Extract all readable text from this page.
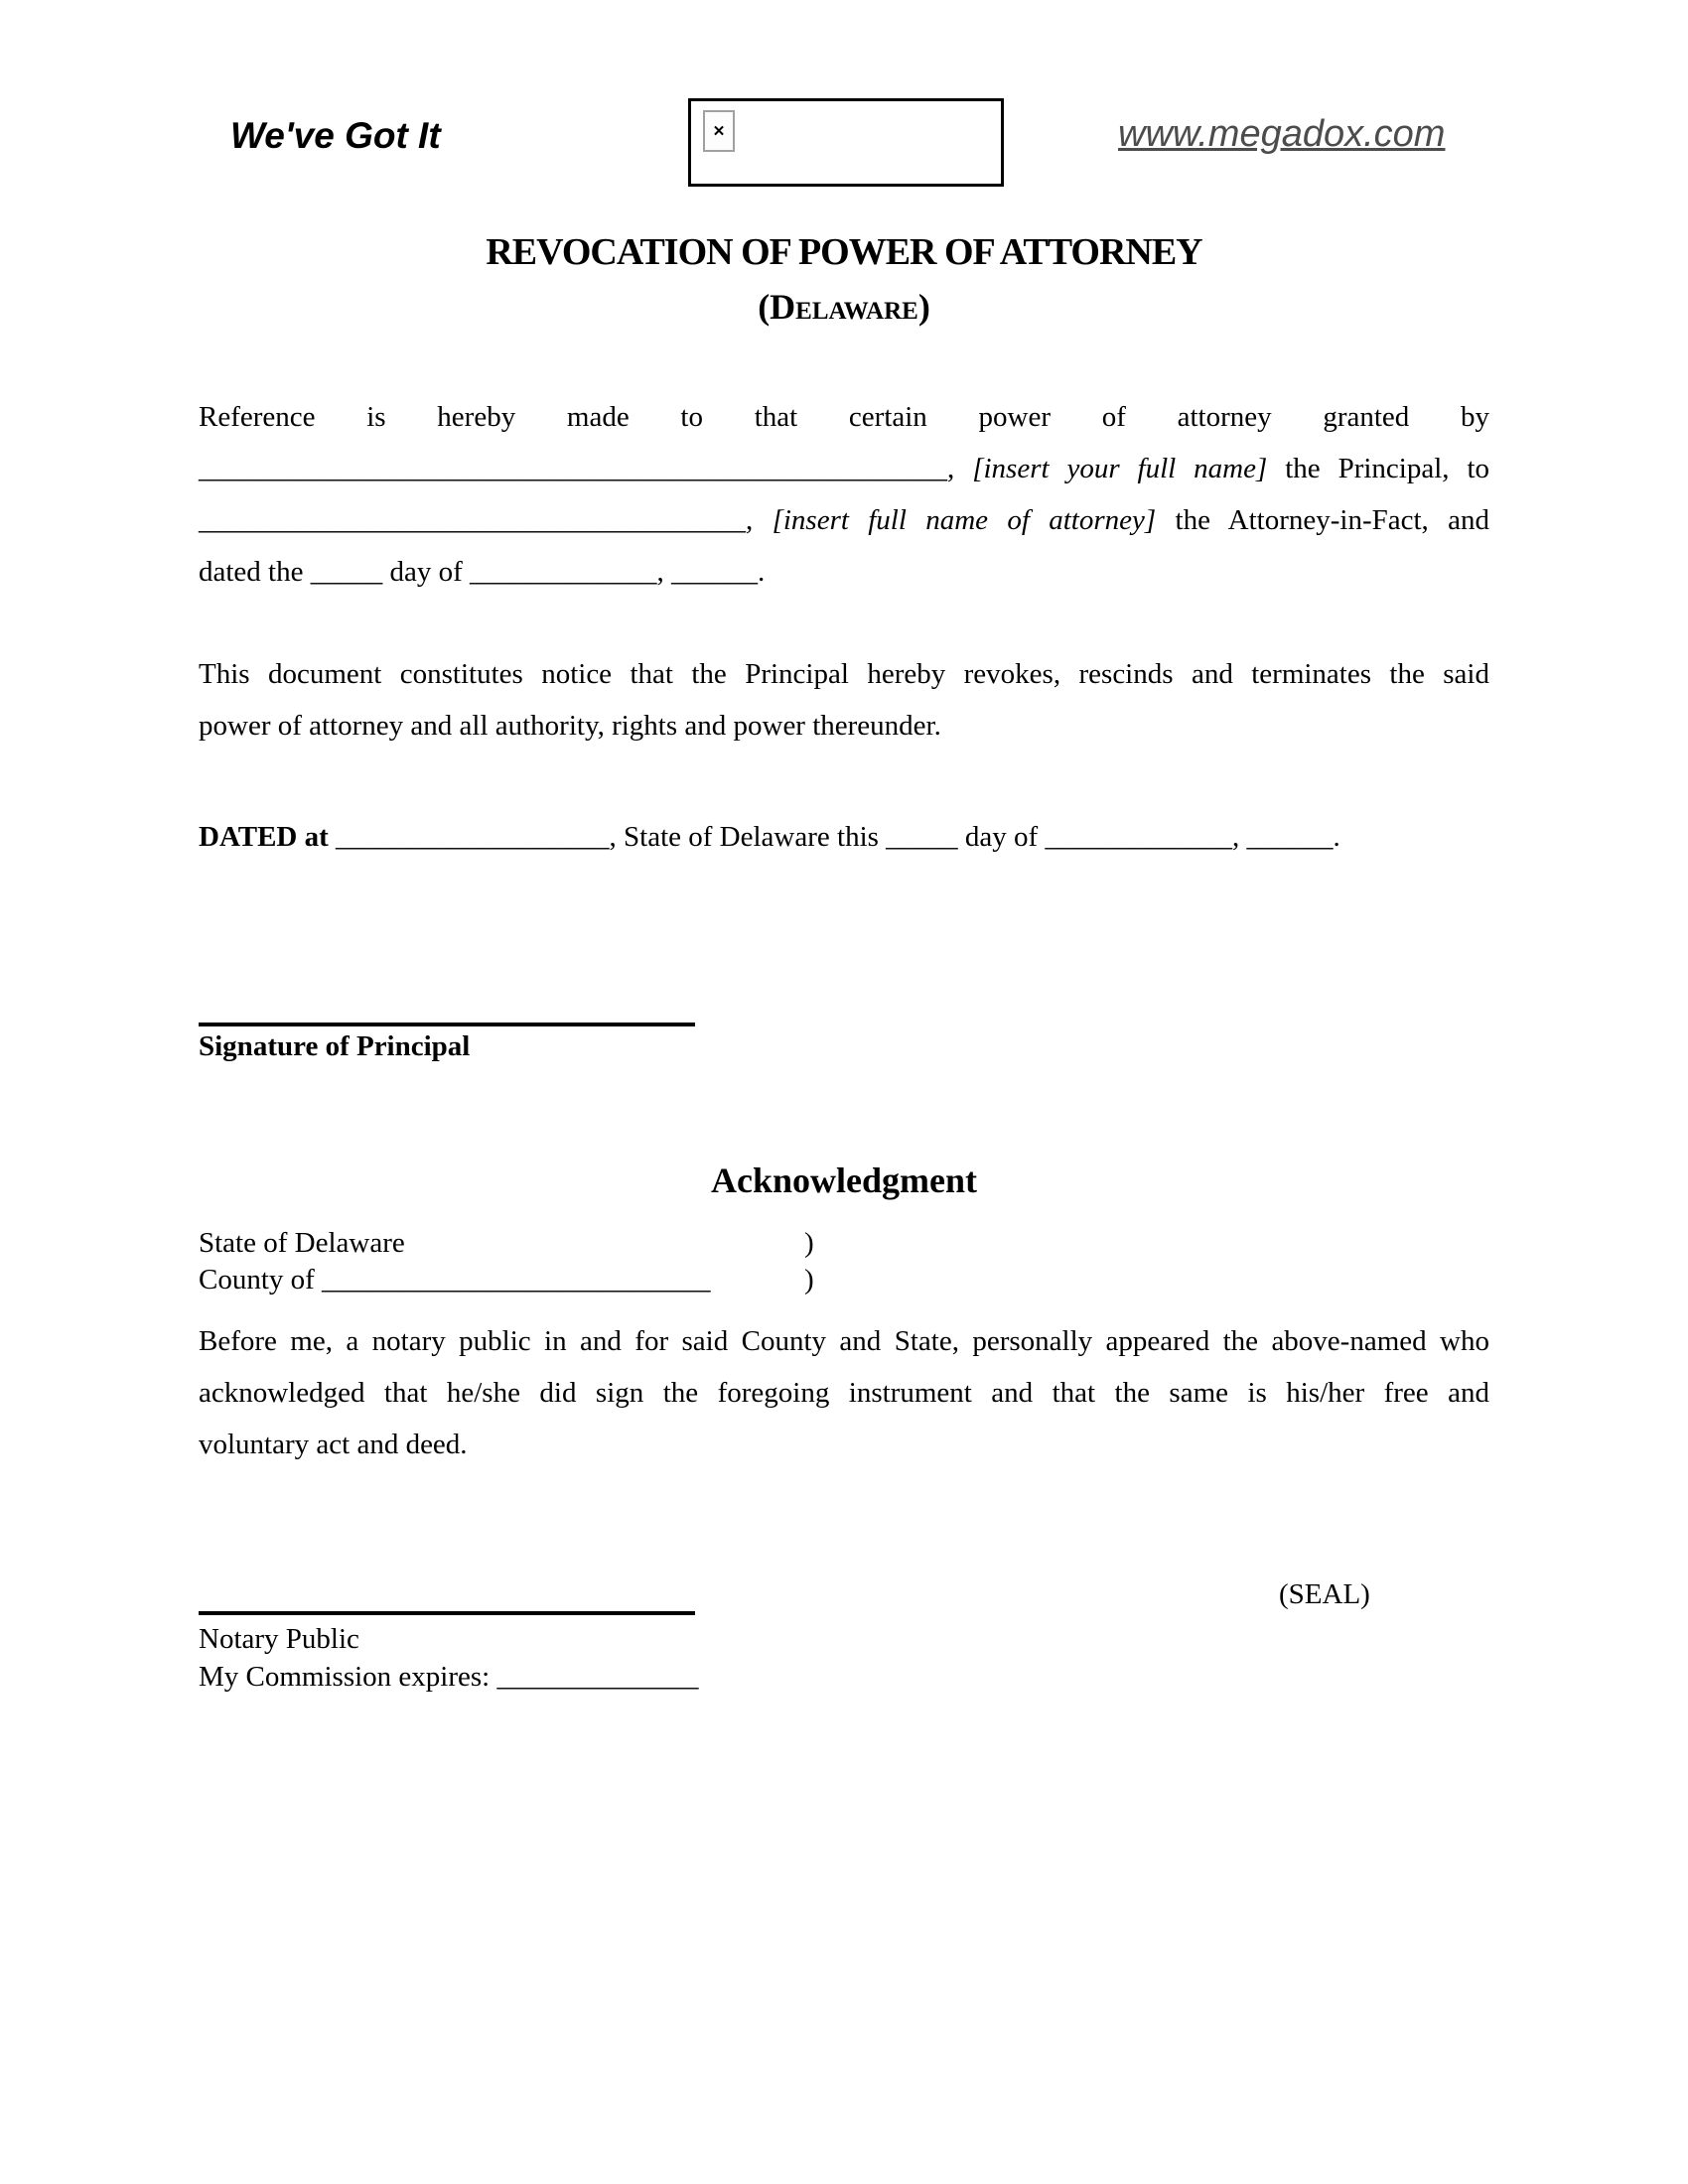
We've Got It	✕	www.megadox.com
REVOCATION OF POWER OF ATTORNEY
(Delaware)
Reference is hereby made to that certain power of attorney granted by
____________________________________________________, [insert your full name] the Principal, to
______________________________________, [insert full name of attorney] the Attorney-in-Fact, and
dated the _____ day of _____________, ______.
This document constitutes notice that the Principal hereby revokes, rescinds and terminates the said
power of attorney and all authority, rights and power thereunder.
DATED at ___________________, State of Delaware this _____ day of _____________, ______.
Signature of Principal
Acknowledgment
State of Delaware	)
County of ___________________________	)
Before me, a notary public in and for said County and State, personally appeared the above-named who
acknowledged that he/she did sign the foregoing instrument and that the same is his/her free and
voluntary act and deed.
(SEAL)
Notary Public
My Commission expires: ______________
